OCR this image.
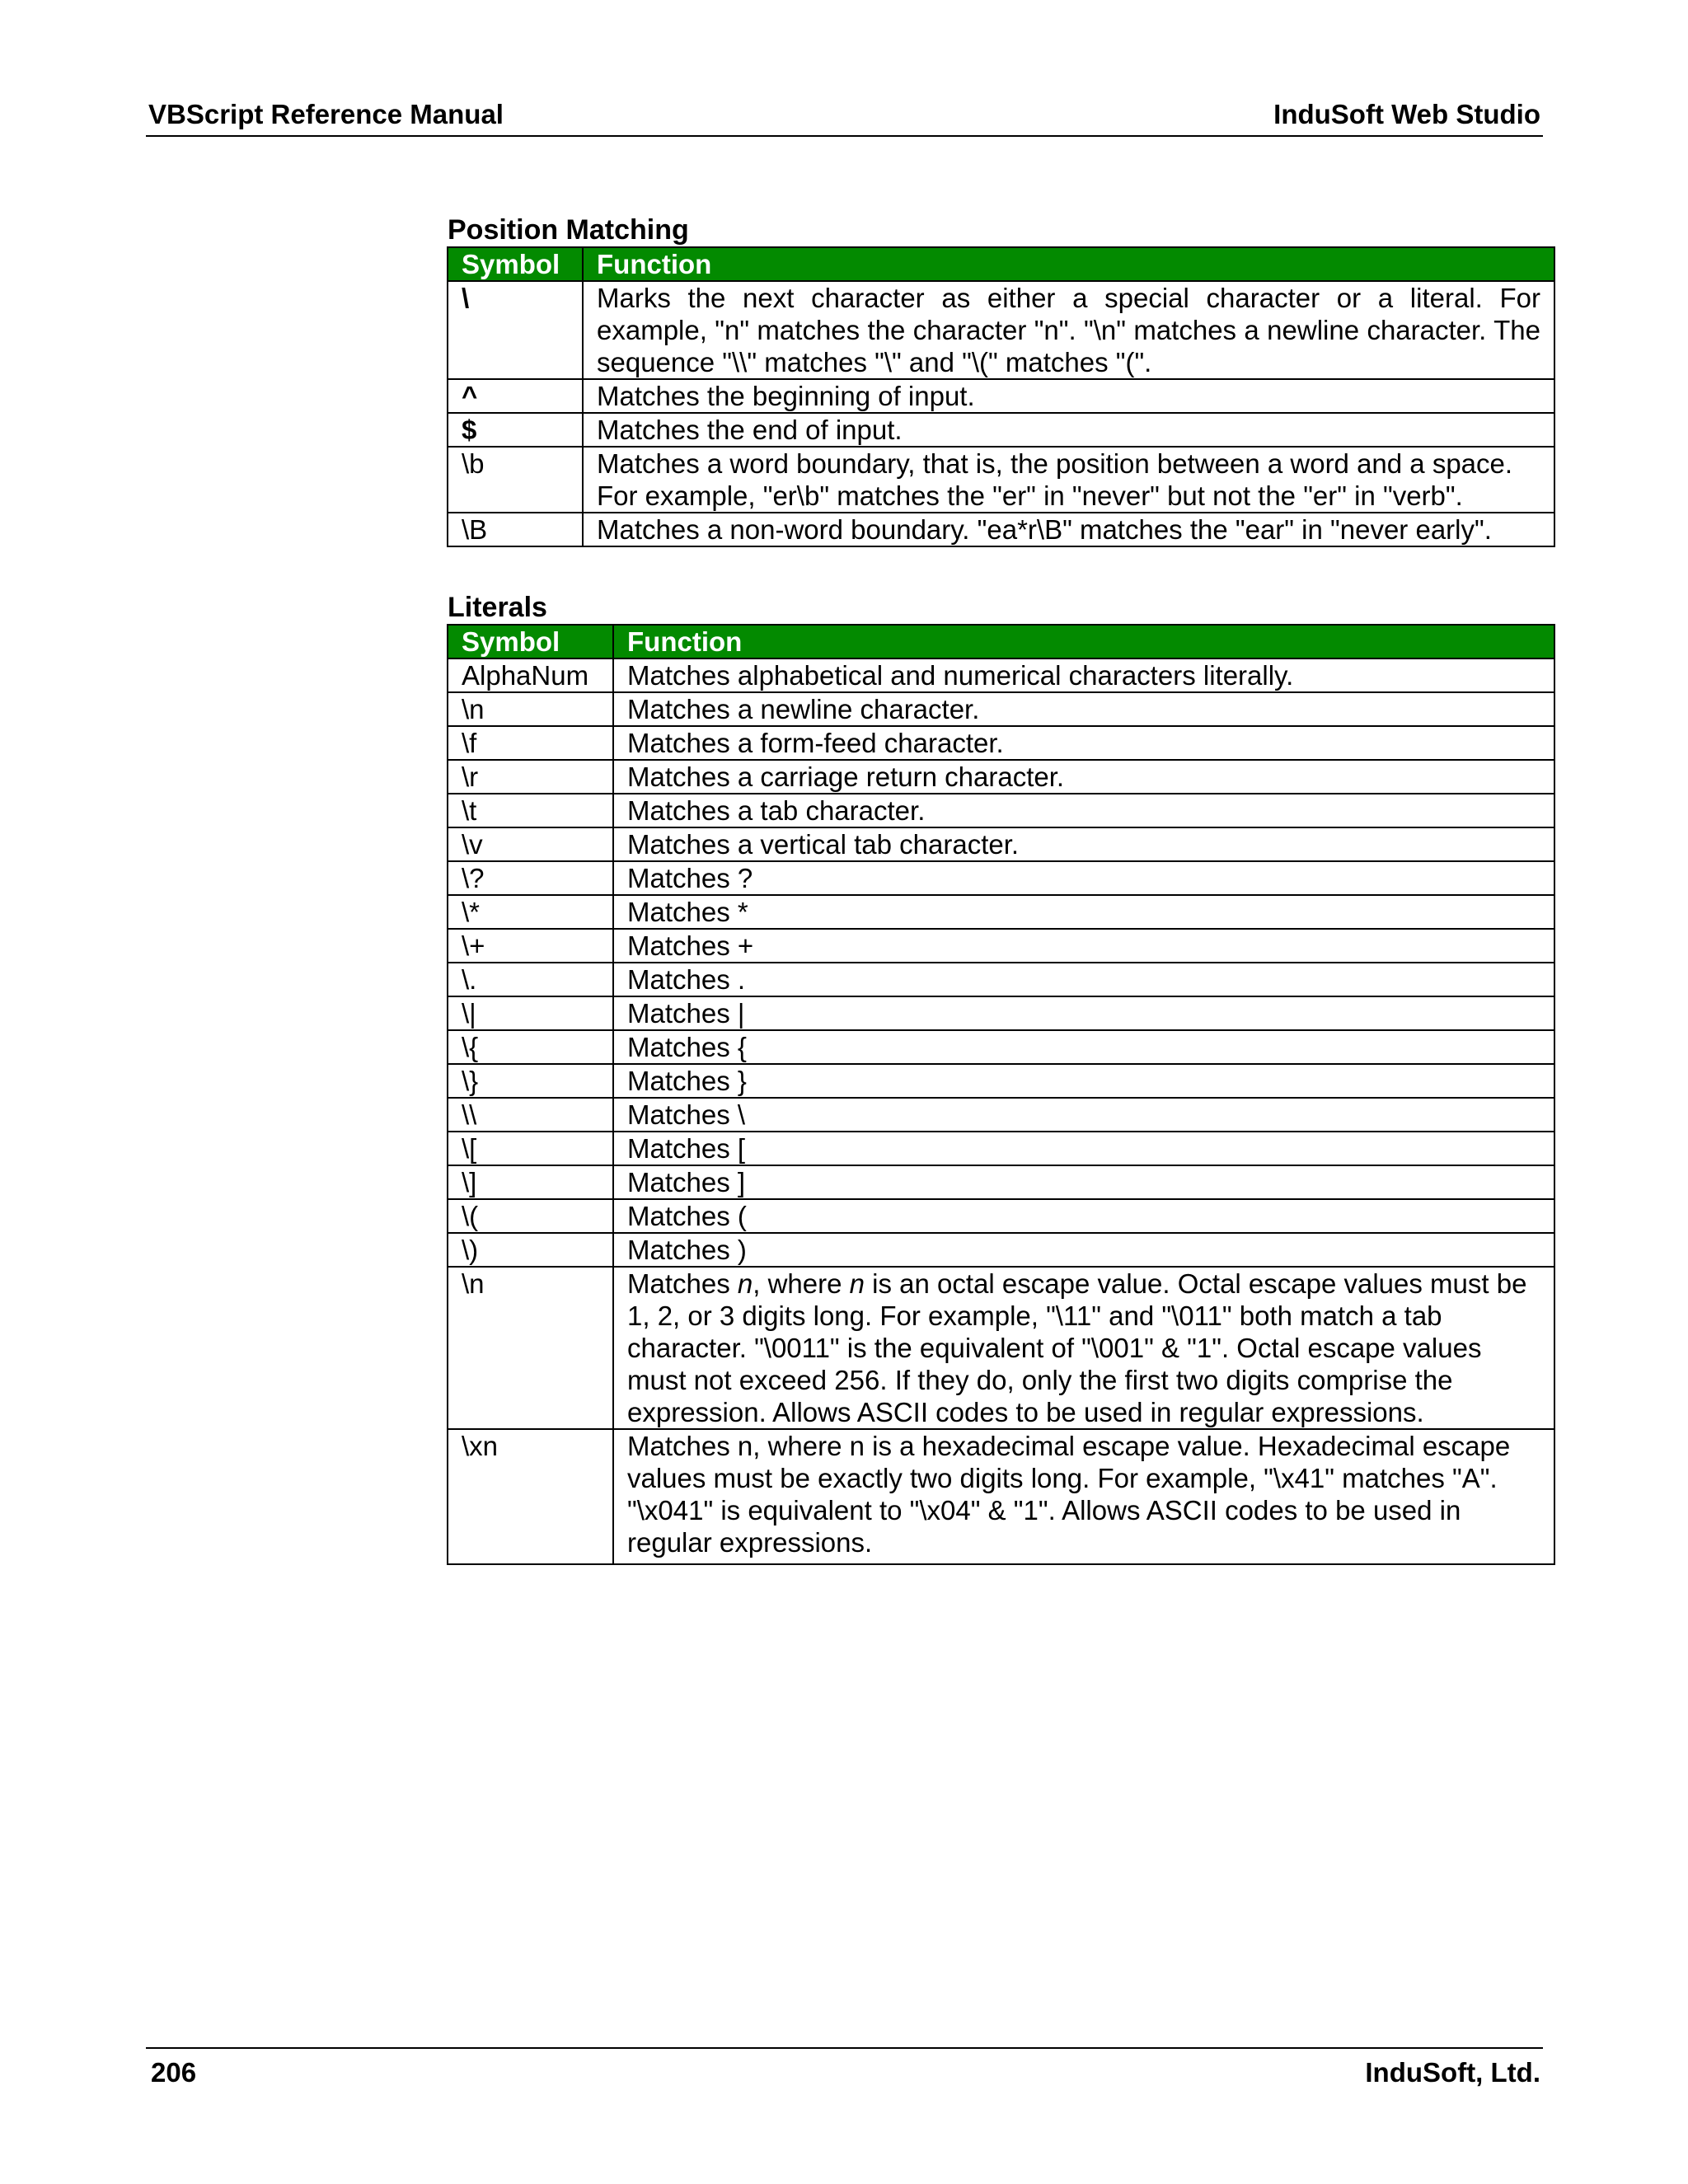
VBScript Reference Manual	InduSoft Web Studio
Position Matching
Symbol	Function
\	Marks the next character as either a special character or a literal. For example, "n" matches the character "n". "\n" matches a newline character. The sequence "\\" matches "\" and "\(" matches "(".
^	Matches the beginning of input.
$	Matches the end of input.
\b	Matches a word boundary, that is, the position between a word and a space. For example, "er\b" matches the "er" in "never" but not the "er" in "verb".
\B	Matches a non-word boundary. "ea*r\B" matches the "ear" in "never early".
Literals
Symbol	Function
AlphaNum	Matches alphabetical and numerical characters literally.
\n	Matches a newline character.
\f	Matches a form-feed character.
\r	Matches a carriage return character.
\t	Matches a tab character.
\v	Matches a vertical tab character.
\?	Matches ?
\*	Matches *
\+	Matches +
\.	Matches .
\|	Matches |
\{	Matches {
\}	Matches }
\\	Matches \
\[	Matches [
\]	Matches ]
\(	Matches (
\)	Matches )
\n	Matches n, where n is an octal escape value. Octal escape values must be 1, 2, or 3 digits long. For example, "\11" and "\011" both match a tab character. "\0011" is the equivalent of "\001" & "1". Octal escape values must not exceed 256. If they do, only the first two digits comprise the expression. Allows ASCII codes to be used in regular expressions.
\xn	Matches n, where n is a hexadecimal escape value. Hexadecimal escape values must be exactly two digits long. For example, "\x41" matches "A". "\x041" is equivalent to "\x04" & "1". Allows ASCII codes to be used in regular expressions.
206	InduSoft, Ltd.
